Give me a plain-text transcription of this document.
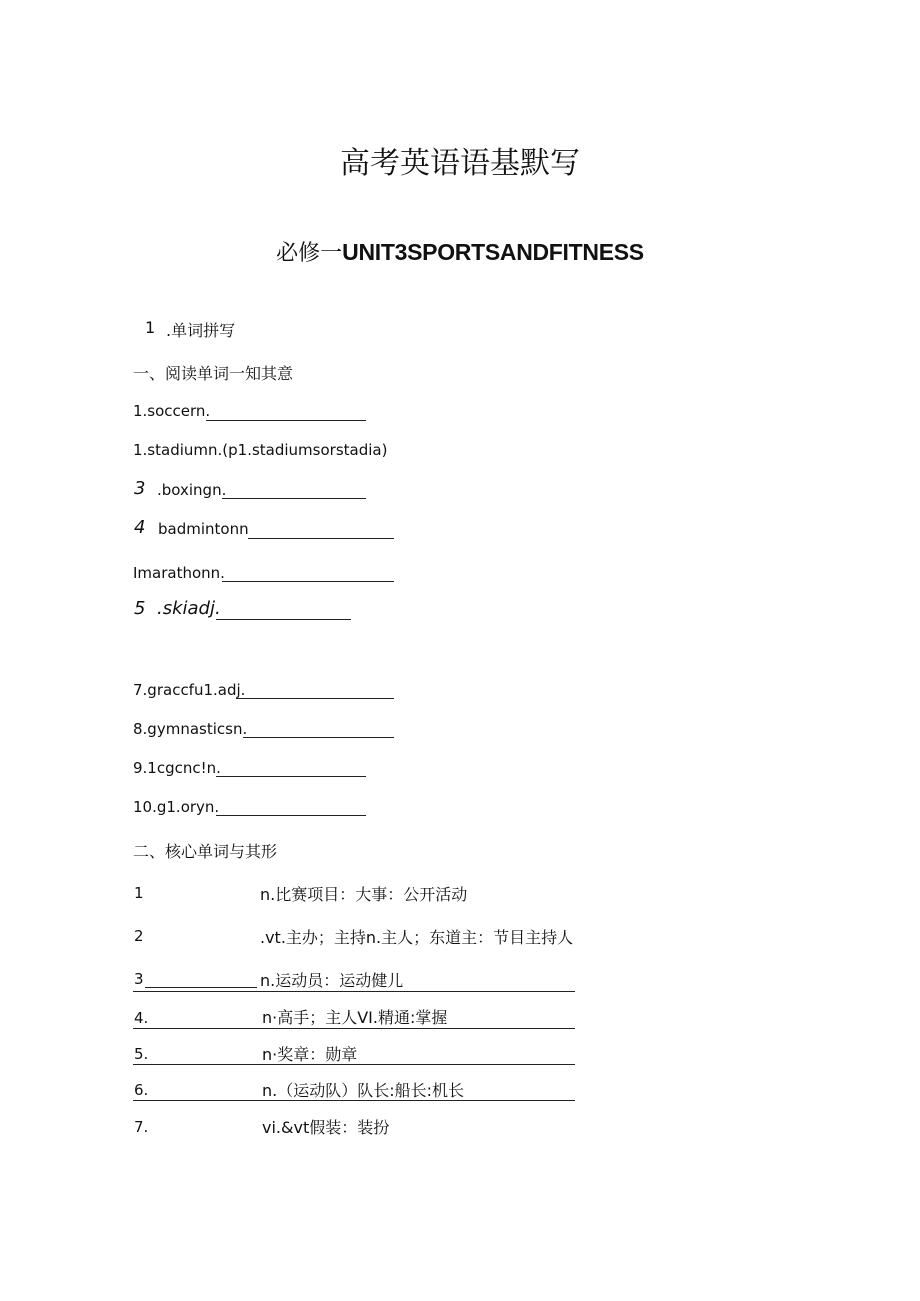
高考英语语基默写
必修一UNIT3SPORTSANDFITNESS
1 .单词拼写
一、阅读单词一知其意
1.soccern.
1.stadiumn.(p1.stadiumsorstadia)
3 .boxingn.
4 badmintonn
Imarathonn.
5 .skiadj.
7.graccfu1.adj.
8.gymnasticsn.
9.1cgcnc!n.
10.g1.oryn.
二、核心单词与其形
1	n.比赛项目：大事：公开活动
2	.vt.主办；主持n.主人；东道主：节目主持人
3	n.运动员：运动健儿
4.	n·高手；主人VI.精通:掌握
5.	n·奖章：勋章
6.	n.（运动队）队长:船长:机长
7.	vi.&vt假装：装扮
